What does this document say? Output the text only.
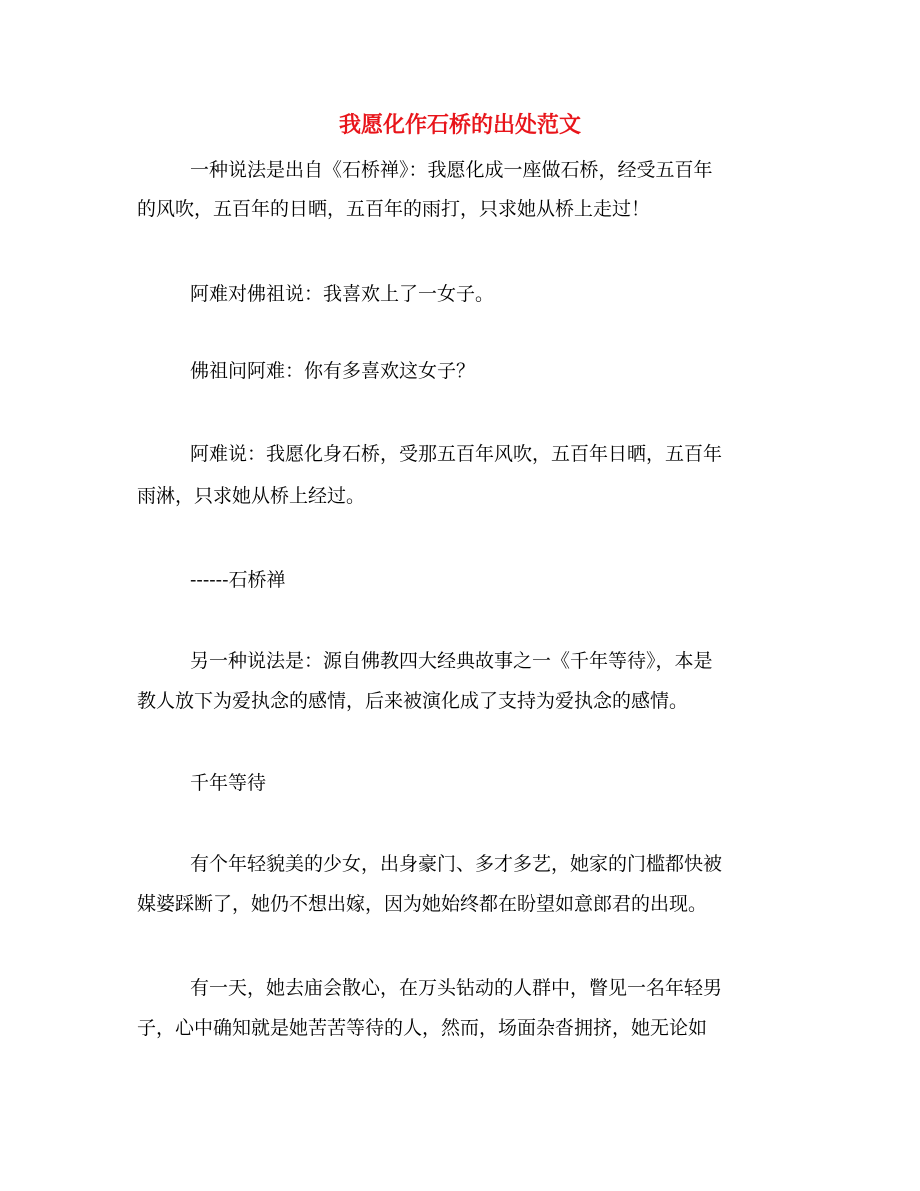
我愿化作石桥的出处范文
一种说法是出自《石桥禅》：我愿化成一座做石桥，经受五百年
的风吹，五百年的日晒，五百年的雨打，只求她从桥上走过！
阿难对佛祖说：我喜欢上了一女子。
佛祖问阿难：你有多喜欢这女子？
阿难说：我愿化身石桥，受那五百年风吹，五百年日晒，五百年
雨淋，只求她从桥上经过。
------石桥禅
另一种说法是：源自佛教四大经典故事之一《千年等待》，本是
教人放下为爱执念的感情，后来被演化成了支持为爱执念的感情。
千年等待
有个年轻貌美的少女，出身豪门、多才多艺，她家的门槛都快被
媒婆踩断了，她仍不想出嫁，因为她始终都在盼望如意郎君的出现。
有一天，她去庙会散心，在万头钻动的人群中，瞥见一名年轻男
子，心中确知就是她苦苦等待的人，然而，场面杂沓拥挤，她无论如
